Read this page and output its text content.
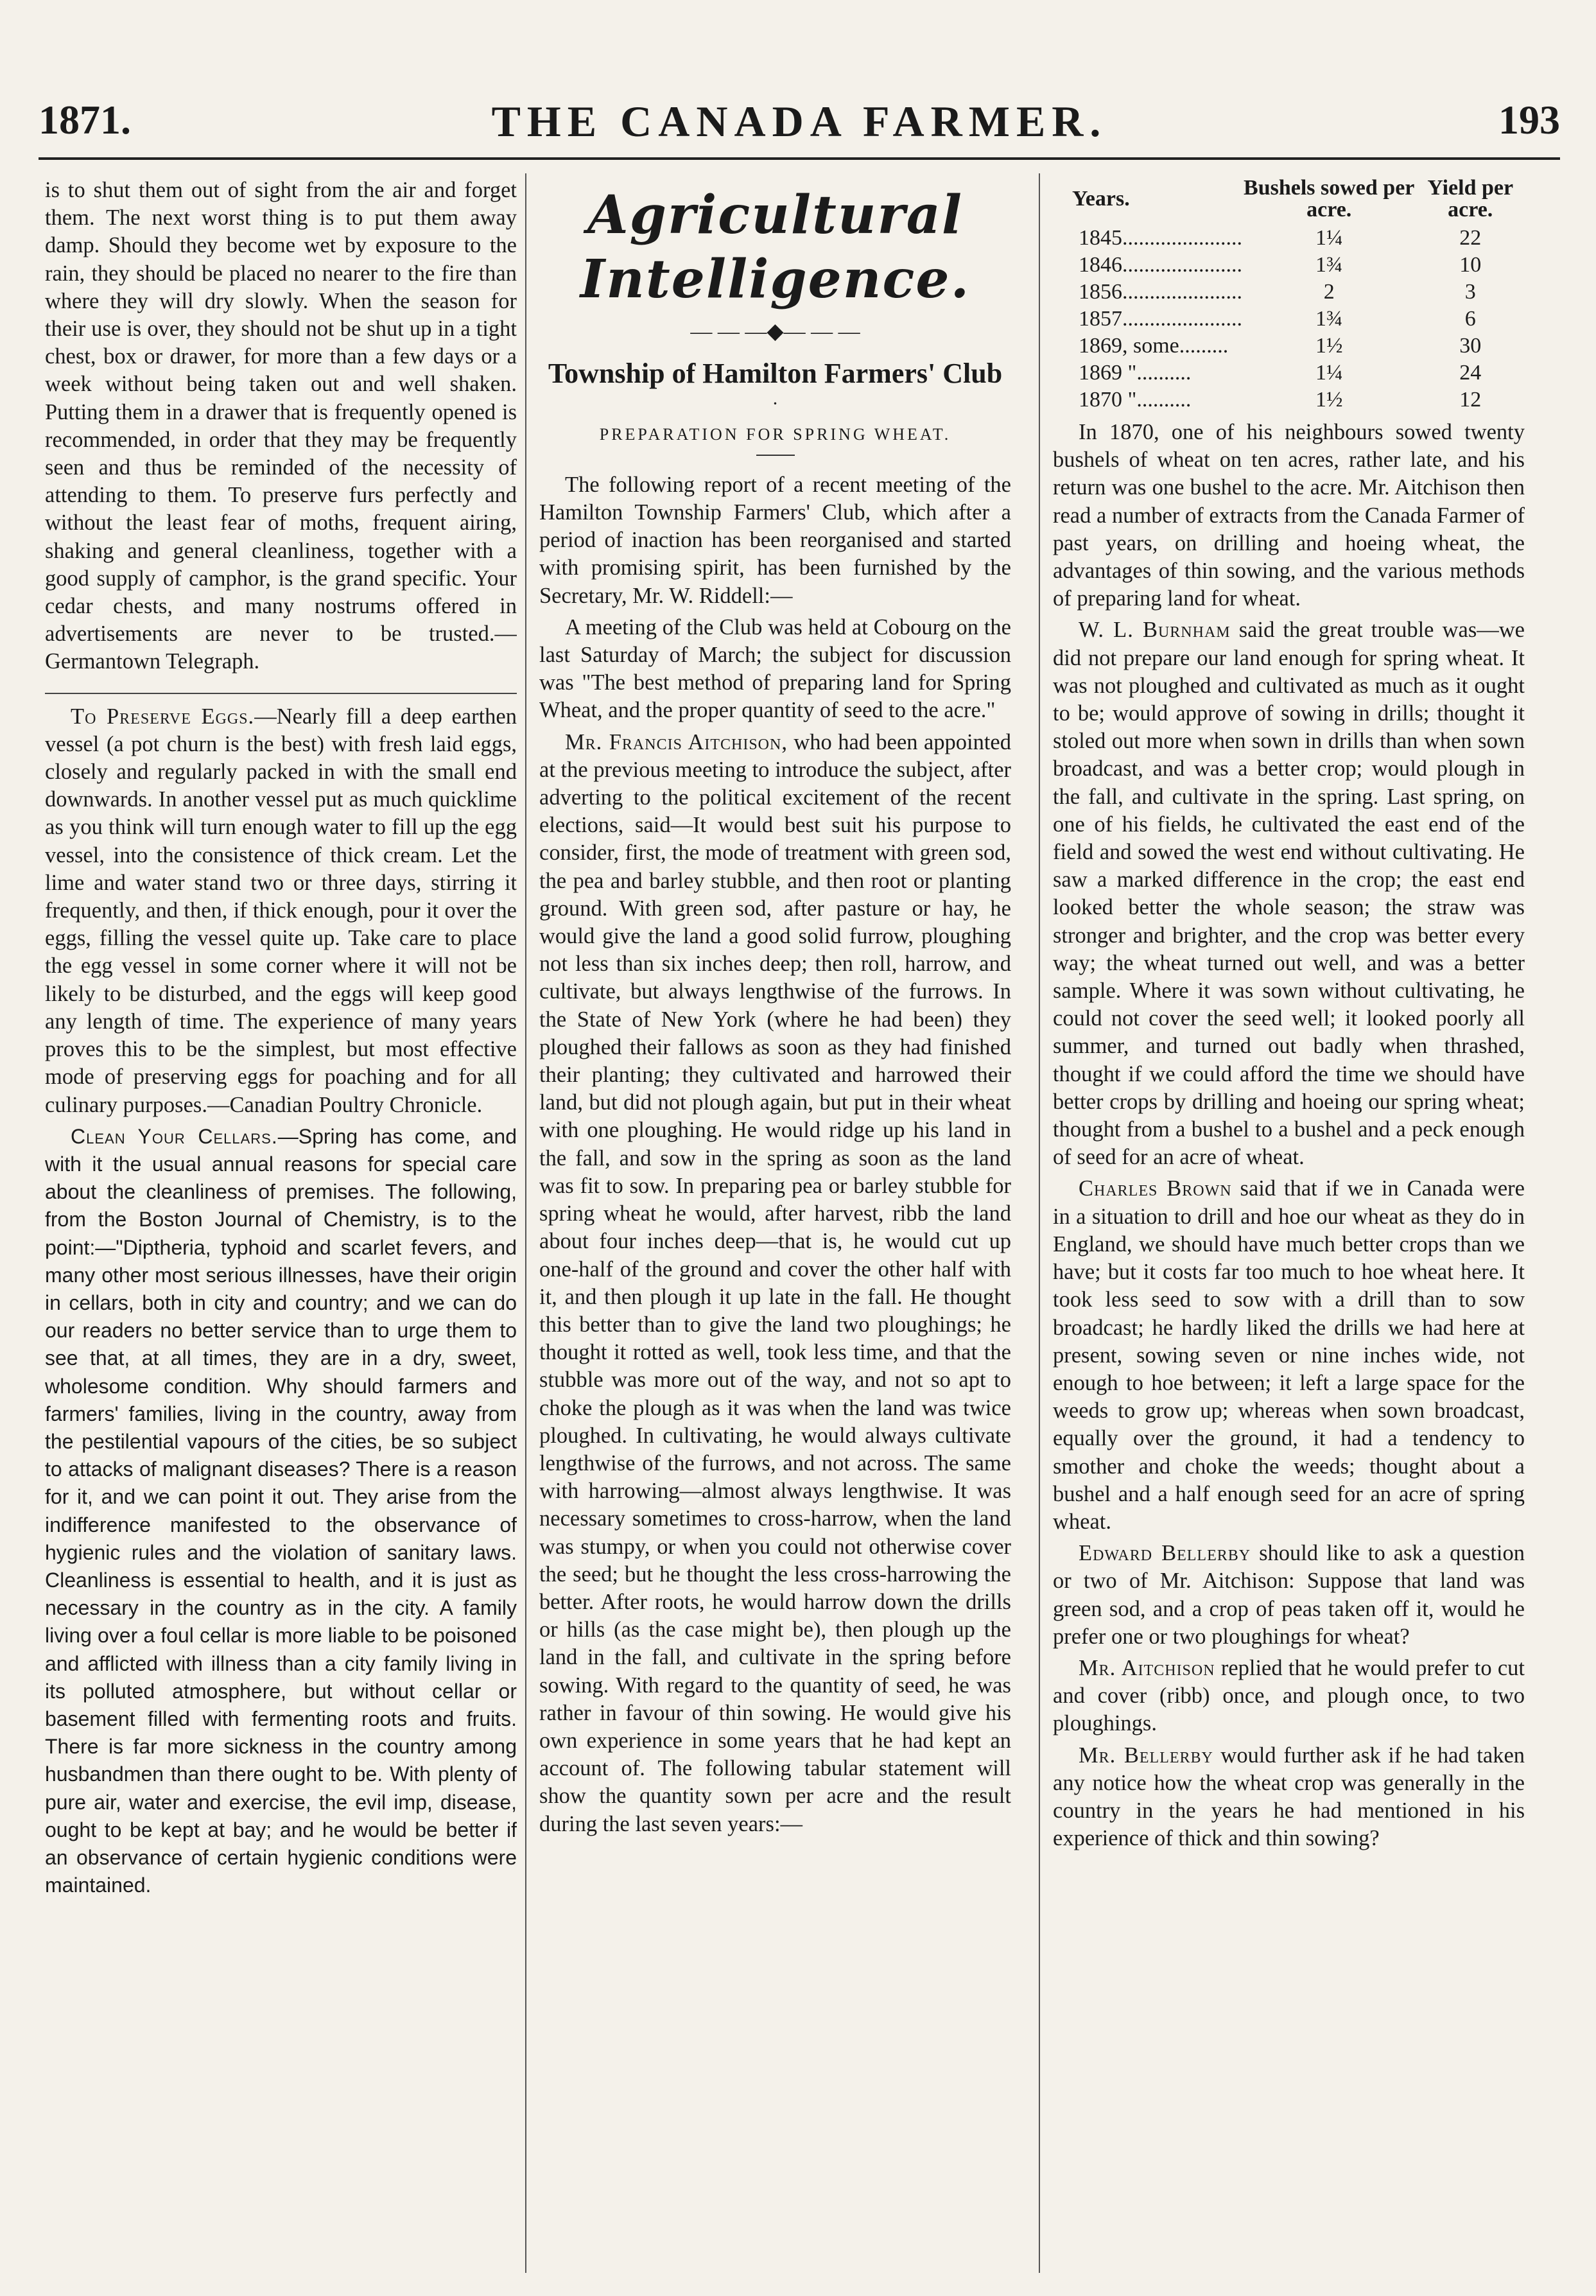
1871.	THE CANADA FARMER.	193

is to shut them out of sight from the air and forget them. The next worst thing is to put them away damp. Should they become wet by exposure to the rain, they should be placed no nearer to the fire than where they will dry slowly. When the season for their use is over, they should not be shut up in a tight chest, box or drawer, for more than a few days or a week without being taken out and well shaken. Putting them in a drawer that is frequently opened is recommended, in order that they may be frequently seen and thus be reminded of the necessity of attending to them. To preserve furs perfectly and without the least fear of moths, frequent airing, shaking and general cleanliness, together with a good supply of camphor, is the grand specific. Your cedar chests, and many nostrums offered in advertisements are never to be trusted.—Germantown Telegraph.

To Preserve Eggs.—Nearly fill a deep earthen vessel (a pot churn is the best) with fresh laid eggs, closely and regularly packed in with the small end downwards. In another vessel put as much quicklime as you think will turn enough water to fill up the egg vessel, into the consistence of thick cream. Let the lime and water stand two or three days, stirring it frequently, and then, if thick enough, pour it over the eggs, filling the vessel quite up. Take care to place the egg vessel in some corner where it will not be likely to be disturbed, and the eggs will keep good any length of time. The experience of many years proves this to be the simplest, but most effective mode of preserving eggs for poaching and for all culinary purposes.—Canadian Poultry Chronicle.

Clean Your Cellars.—Spring has come, and with it the usual annual reasons for special care about the cleanliness of premises. The following, from the Boston Journal of Chemistry, is to the point:—"Diptheria, typhoid and scarlet fevers, and many other most serious illnesses, have their origin in cellars, both in city and country; and we can do our readers no better service than to urge them to see that, at all times, they are in a dry, sweet, wholesome condition. Why should farmers and farmers' families, living in the country, away from the pestilential vapours of the cities, be so subject to attacks of malignant diseases? There is a reason for it, and we can point it out. They arise from the indifference manifested to the observance of hygienic rules and the violation of sanitary laws. Cleanliness is essential to health, and it is just as necessary in the country as in the city. A family living over a foul cellar is more liable to be poisoned and afflicted with illness than a city family living in its polluted atmosphere, but without cellar or basement filled with fermenting roots and fruits. There is far more sickness in the country among husbandmen than there ought to be. With plenty of pure air, water and exercise, the evil imp, disease, ought to be kept at bay; and he would be better if an observance of certain hygienic conditions were maintained.

Agricultural Intelligence.
— — —◆— — —
Township of Hamilton Farmers' Club
·
PREPARATION FOR SPRING WHEAT.

The following report of a recent meeting of the Hamilton Township Farmers' Club, which after a period of inaction has been reorganised and started with promising spirit, has been furnished by the Secretary, Mr. W. Riddell:—

A meeting of the Club was held at Cobourg on the last Saturday of March; the subject for discussion was "The best method of preparing land for Spring Wheat, and the proper quantity of seed to the acre."

Mr. Francis Aitchison, who had been appointed at the previous meeting to introduce the subject, after adverting to the political excitement of the recent elections, said—It would best suit his purpose to consider, first, the mode of treatment with green sod, the pea and barley stubble, and then root or planting ground. With green sod, after pasture or hay, he would give the land a good solid furrow, ploughing not less than six inches deep; then roll, harrow, and cultivate, but always lengthwise of the furrows. In the State of New York (where he had been) they ploughed their fallows as soon as they had finished their planting; they cultivated and harrowed their land, but did not plough again, but put in their wheat with one ploughing. He would ridge up his land in the fall, and sow in the spring as soon as the land was fit to sow. In preparing pea or barley stubble for spring wheat he would, after harvest, ribb the land about four inches deep—that is, he would cut up one-half of the ground and cover the other half with it, and then plough it up late in the fall. He thought this better than to give the land two ploughings; he thought it rotted as well, took less time, and that the stubble was more out of the way, and not so apt to choke the plough as it was when the land was twice ploughed. In cultivating, he would always cultivate lengthwise of the furrows, and not across. The same with harrowing—almost always lengthwise. It was necessary sometimes to cross-harrow, when the land was stumpy, or when you could not otherwise cover the seed; but he thought the less cross-harrowing the better. After roots, he would harrow down the drills or hills (as the case might be), then plough up the land in the fall, and cultivate in the spring before sowing. With regard to the quantity of seed, he was rather in favour of thin sowing. He would give his own experience in some years that he had kept an account of. The following tabular statement will show the quantity sown per acre and the result during the last seven years:—

Years.	Bushels sowed per acre.	Yield per acre.
1845......................	1¼	22
1846......................	1¾	10
1856......................	2	3
1857......................	1¾	6
1869, some.........	1½	30
1869 "..........	1¼	24
1870 "..........	1½	12

In 1870, one of his neighbours sowed twenty bushels of wheat on ten acres, rather late, and his return was one bushel to the acre. Mr. Aitchison then read a number of extracts from the Canada Farmer of past years, on drilling and hoeing wheat, the advantages of thin sowing, and the various methods of preparing land for wheat.

W. L. Burnham said the great trouble was—we did not prepare our land enough for spring wheat. It was not ploughed and cultivated as much as it ought to be; would approve of sowing in drills; thought it stoled out more when sown in drills than when sown broadcast, and was a better crop; would plough in the fall, and cultivate in the spring. Last spring, on one of his fields, he cultivated the east end of the field and sowed the west end without cultivating. He saw a marked difference in the crop; the east end looked better the whole season; the straw was stronger and brighter, and the crop was better every way; the wheat turned out well, and was a better sample. Where it was sown without cultivating, he could not cover the seed well; it looked poorly all summer, and turned out badly when thrashed, thought if we could afford the time we should have better crops by drilling and hoeing our spring wheat; thought from a bushel to a bushel and a peck enough of seed for an acre of wheat.

Charles Brown said that if we in Canada were in a situation to drill and hoe our wheat as they do in England, we should have much better crops than we have; but it costs far too much to hoe wheat here. It took less seed to sow with a drill than to sow broadcast; he hardly liked the drills we had here at present, sowing seven or nine inches wide, not enough to hoe between; it left a large space for the weeds to grow up; whereas when sown broadcast, equally over the ground, it had a tendency to smother and choke the weeds; thought about a bushel and a half enough seed for an acre of spring wheat.

Edward Bellerby should like to ask a question or two of Mr. Aitchison: Suppose that land was green sod, and a crop of peas taken off it, would he prefer one or two ploughings for wheat?

Mr. Aitchison replied that he would prefer to cut and cover (ribb) once, and plough once, to two ploughings.

Mr. Bellerby would further ask if he had taken any notice how the wheat crop was generally in the country in the years he had mentioned in his experience of thick and thin sowing?
